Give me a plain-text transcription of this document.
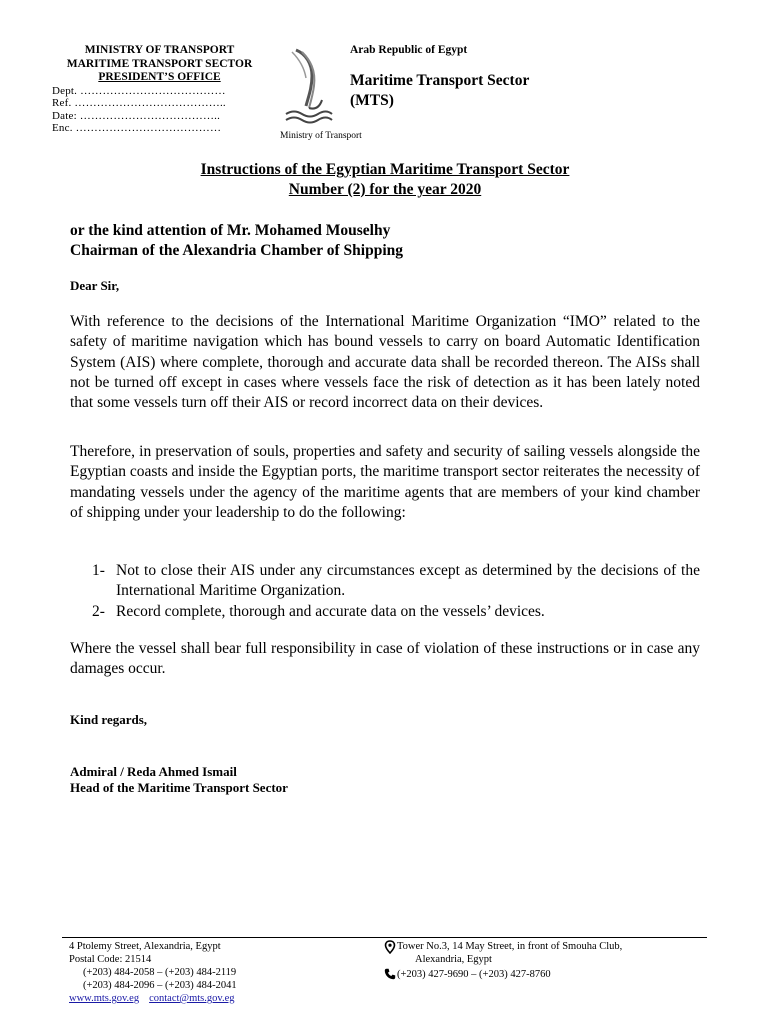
MINISTRY OF TRANSPORT
MARITIME TRANSPORT SECTOR
PRESIDENT’S OFFICE
Dept. …………………………………
Ref. …………………………………..
Date: ………………………………..
Enc. …………………………………
Ministry of Transport
Arab Republic of Egypt
Maritime Transport Sector
(MTS)
Instructions of the Egyptian Maritime Transport Sector
Number (2) for the year 2020
or the kind attention of Mr. Mohamed Mouselhy
Chairman of the Alexandria Chamber of Shipping
Dear Sir,
With reference to the decisions of the International Maritime Organization “IMO” related to the safety of maritime navigation which has bound vessels to carry on board Automatic Identification System (AIS) where complete, thorough and accurate data shall be recorded thereon. The AISs shall not be turned off except in cases where vessels face the risk of detection as it has been lately noted that some vessels turn off their AIS or record incorrect data on their devices.
Therefore, in preservation of souls, properties and safety and security of sailing vessels alongside the Egyptian coasts and inside the Egyptian ports, the maritime transport sector reiterates the necessity of mandating vessels under the agency of the maritime agents that are members of your kind chamber of shipping under your leadership to do the following:
1- Not to close their AIS under any circumstances except as determined by the decisions of the International Maritime Organization.
2- Record complete, thorough and accurate data on the vessels’ devices.
Where the vessel shall bear full responsibility in case of violation of these instructions or in case any damages occur.
Kind regards,
Admiral / Reda Ahmed Ismail
Head of the Maritime Transport Sector
4 Ptolemy Street, Alexandria, Egypt
Postal Code: 21514
(+203) 484-2058 – (+203) 484-2119
(+203) 484-2096 – (+203) 484-2041
www.mts.gov.eg contact@mts.gov.eg
Tower No.3, 14 May Street, in front of Smouha Club,
Alexandria, Egypt
(+203) 427-9690 – (+203) 427-8760
